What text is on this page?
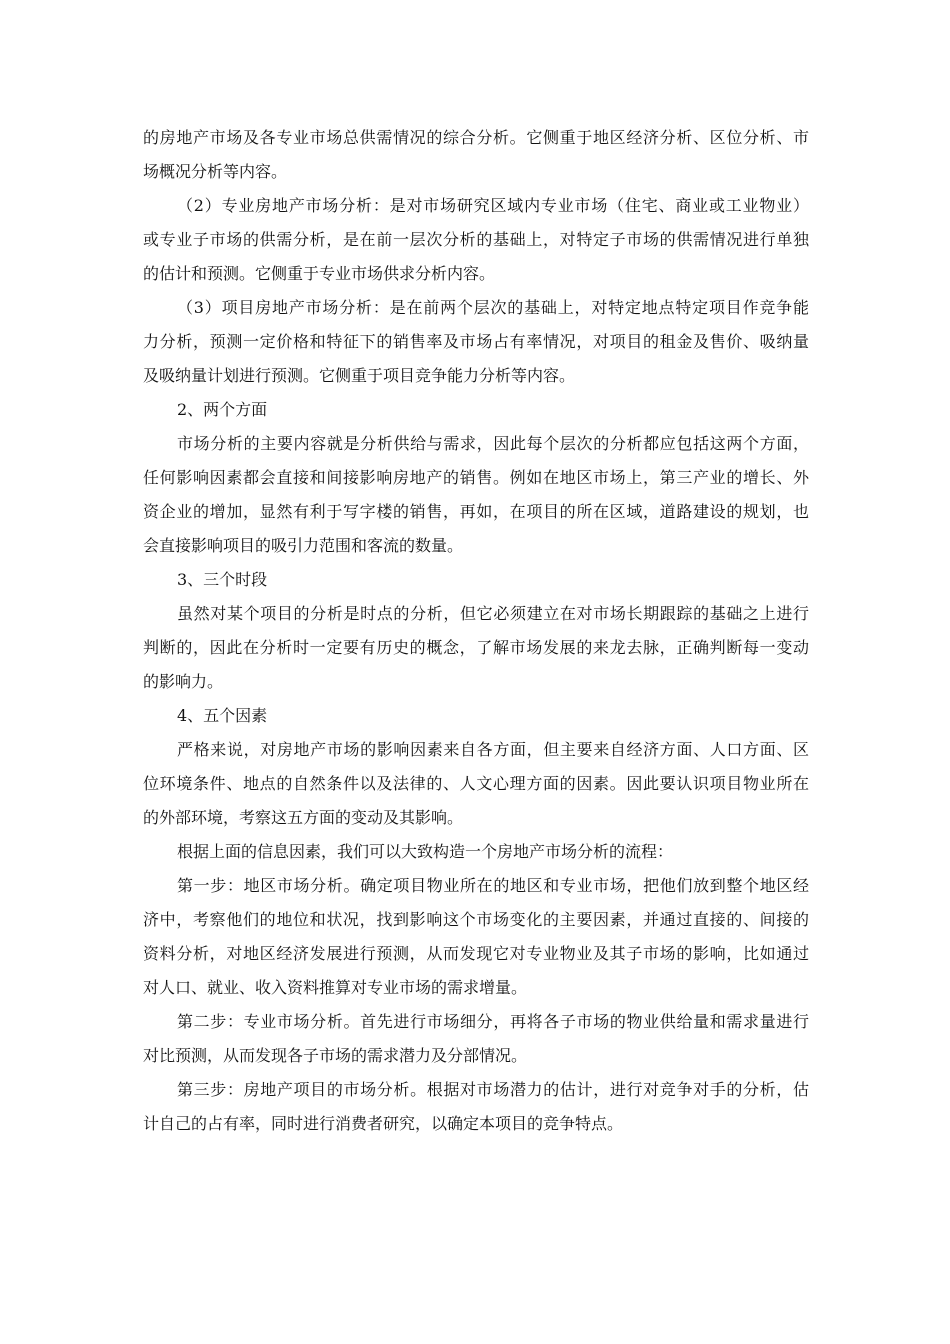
的房地产市场及各专业市场总供需情况的综合分析。它侧重于地区经济分析、区位分析、市
场概况分析等内容。
（2）专业房地产市场分析：是对市场研究区域内专业市场（住宅、商业或工业物业）
或专业子市场的供需分析，是在前一层次分析的基础上，对特定子市场的供需情况进行单独
的估计和预测。它侧重于专业市场供求分析内容。
（3）项目房地产市场分析：是在前两个层次的基础上，对特定地点特定项目作竞争能
力分析，预测一定价格和特征下的销售率及市场占有率情况，对项目的租金及售价、吸纳量
及吸纳量计划进行预测。它侧重于项目竞争能力分析等内容。
2、两个方面
市场分析的主要内容就是分析供给与需求，因此每个层次的分析都应包括这两个方面，
任何影响因素都会直接和间接影响房地产的销售。例如在地区市场上，第三产业的增长、外
资企业的增加，显然有利于写字楼的销售，再如，在项目的所在区域，道路建设的规划，也
会直接影响项目的吸引力范围和客流的数量。
3、三个时段
虽然对某个项目的分析是时点的分析，但它必须建立在对市场长期跟踪的基础之上进行
判断的，因此在分析时一定要有历史的概念，了解市场发展的来龙去脉，正确判断每一变动
的影响力。
4、五个因素
严格来说，对房地产市场的影响因素来自各方面，但主要来自经济方面、人口方面、区
位环境条件、地点的自然条件以及法律的、人文心理方面的因素。因此要认识项目物业所在
的外部环境，考察这五方面的变动及其影响。
根据上面的信息因素，我们可以大致构造一个房地产市场分析的流程：
第一步：地区市场分析。确定项目物业所在的地区和专业市场，把他们放到整个地区经
济中，考察他们的地位和状况，找到影响这个市场变化的主要因素，并通过直接的、间接的
资料分析，对地区经济发展进行预测，从而发现它对专业物业及其子市场的影响，比如通过
对人口、就业、收入资料推算对专业市场的需求增量。
第二步：专业市场分析。首先进行市场细分，再将各子市场的物业供给量和需求量进行
对比预测，从而发现各子市场的需求潜力及分部情况。
第三步：房地产项目的市场分析。根据对市场潜力的估计，进行对竞争对手的分析，估
计自己的占有率，同时进行消费者研究，以确定本项目的竞争特点。
